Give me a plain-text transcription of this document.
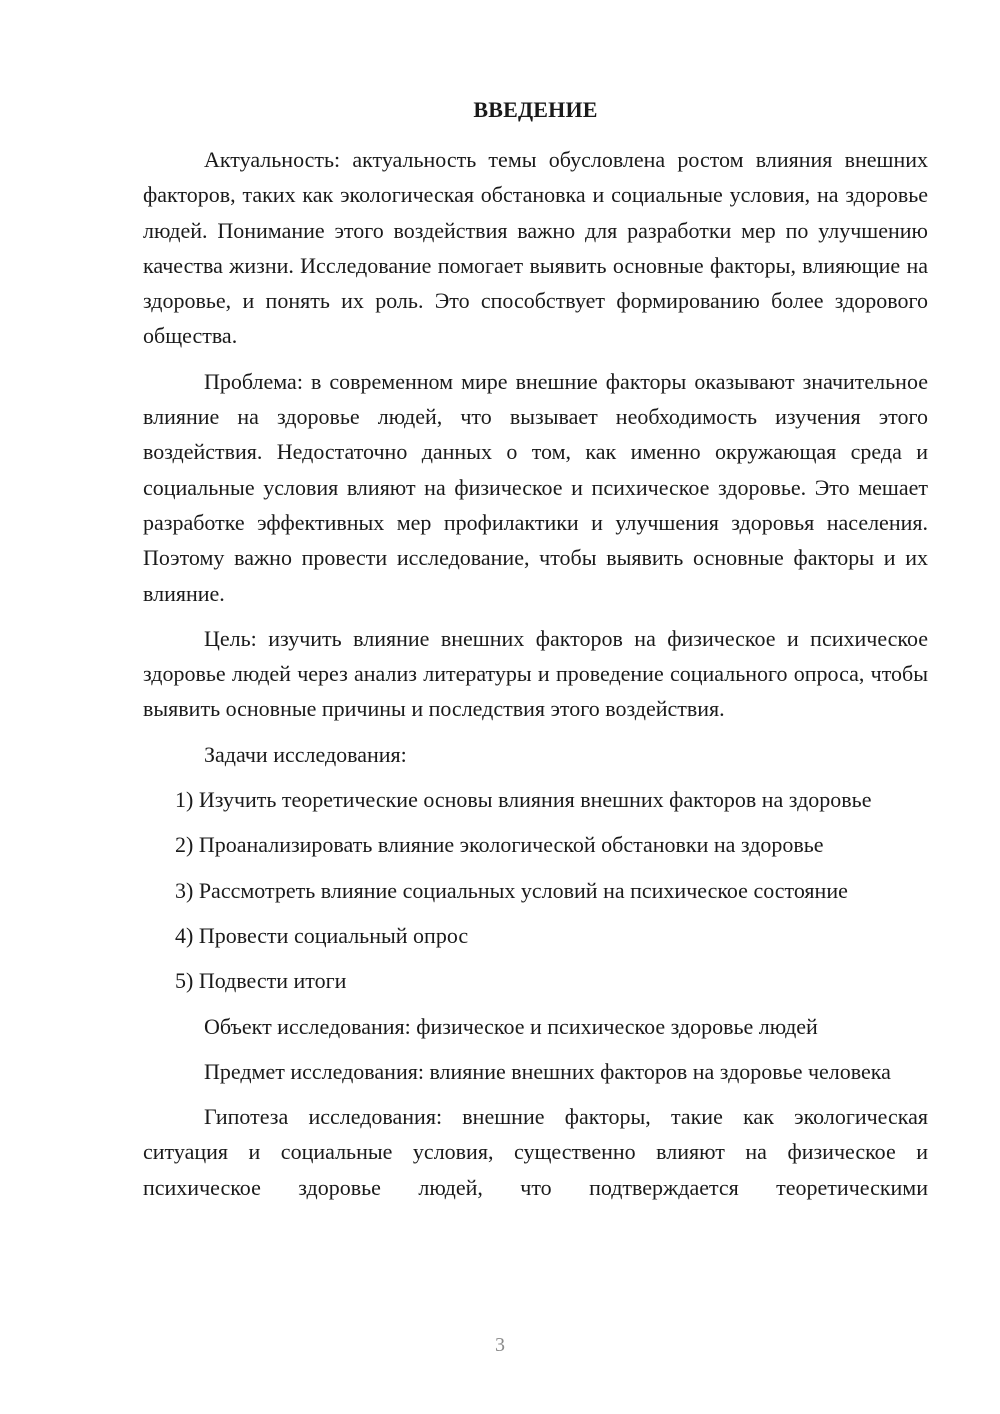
ВВЕДЕНИЕ

Актуальность: актуальность темы обусловлена ростом влияния внешних факторов, таких как экологическая обстановка и социальные условия, на здоровье людей. Понимание этого воздействия важно для разработки мер по улучшению качества жизни. Исследование помогает выявить основные факторы, влияющие на здоровье, и понять их роль. Это способствует формированию более здорового общества.

Проблема: в современном мире внешние факторы оказывают значительное влияние на здоровье людей, что вызывает необходимость изучения этого воздействия. Недостаточно данных о том, как именно окружающая среда и социальные условия влияют на физическое и психическое здоровье. Это мешает разработке эффективных мер профилактики и улучшения здоровья населения. Поэтому важно провести исследование, чтобы выявить основные факторы и их влияние.

Цель: изучить влияние внешних факторов на физическое и психическое здоровье людей через анализ литературы и проведение социального опроса, чтобы выявить основные причины и последствия этого воздействия.

Задачи исследования:

1) Изучить теоретические основы влияния внешних факторов на здоровье

2) Проанализировать влияние экологической обстановки на здоровье

3) Рассмотреть влияние социальных условий на психическое состояние

4) Провести социальный опрос

5) Подвести итоги

Объект исследования: физическое и психическое здоровье людей

Предмет исследования: влияние внешних факторов на здоровье человека

Гипотеза исследования: внешние факторы, такие как экологическая ситуация и социальные условия, существенно влияют на физическое и психическое здоровье людей, что подтверждается теоретическими

3
